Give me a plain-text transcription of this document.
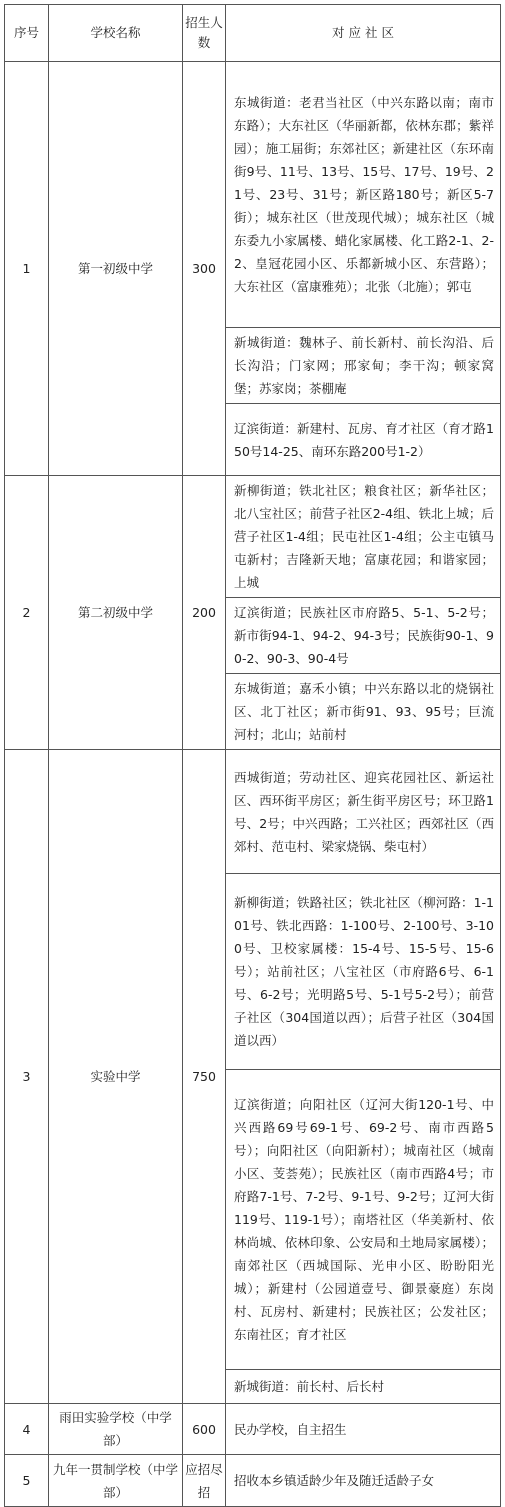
序号	学校名称	招生人数	对 应 社 区
1	第一初级中学	300	东城街道：老君当社区（中兴东路以南；南市东路）；大东社区（华丽新都，依林东郡；紫祥园）；施工届街；东郊社区；新建社区（东环南街9号、11号、13号、15号、17号、19号、21号、23号、31号；新区路180号；新区5-7街）；城东社区（世茂现代城）；城东社区（城东委九小家属楼、蜡化家属楼、化工路2-1、2-2、皇冠花园小区、乐都新城小区、东营路）；大东社区（富康雅苑）；北张（北施）；郭屯
			新城街道：魏林子、前长新村、前长沟沿、后长沟沿；门家网；邢家甸；李干沟；顿家窝堡；苏家岗；茶棚庵
			辽滨街道：新建村、瓦房、育才社区（育才路150号14-25、南环东路200号1-2）
2	第二初级中学	200	新柳街道；铁北社区；粮食社区；新华社区；北八宝社区；前营子社区2-4组、铁北上城；后营子社区1-4组；民屯社区1-4组；公主屯镇马屯新村；吉隆新天地；富康花园；和谐家园；上城
			辽滨街道；民族社区市府路5、5-1、5-2号；新市街94-1、94-2、94-3号；民族街90-1、90-2、90-3、90-4号
			东城街道；嘉禾小镇；中兴东路以北的烧锅社区、北丁社区；新市街91、93、95号；巨流河村；北山；站前村
3	实验中学	750	西城街道；劳动社区、迎宾花园社区、新运社区、西环街平房区；新生街平房区号；环卫路1号、2号；中兴西路；工兴社区；西郊社区（西郊村、范屯村、梁家烧锅、柴屯村）
			新柳街道；铁路社区；铁北社区（柳河路：1-101号、铁北西路：1-100号、2-100号、3-100号、卫校家属楼：15-4号、15-5号、15-6号）；站前社区；八宝社区（市府路6号、6-1号、6-2号；光明路5号、5-1号5-2号）；前营子社区（304国道以西）；后营子社区（304国道以西）
			辽滨街道；向阳社区（辽河大街120-1号、中兴西路69号69-1号、69-2号、南市西路5号）；向阳社区（向阳新村）；城南社区（城南小区、芰荟苑）；民族社区（南市西路4号；市府路7-1号、7-2号、9-1号、9-2号；辽河大街119号、119-1号）；南塔社区（华美新村、依林尚城、依林印象、公安局和土地局家属楼）；南郊社区（西城国际、光申小区、盼盼阳光城）；新建村（公园道壹号、御景豪庭）东岗村、瓦房村、新建村；民族社区；公发社区；东南社区；育才社区
			新城街道：前长村、后长村
4	雨田实验学校（中学部）	600	民办学校，自主招生
5	九年一贯制学校（中学部）	应招尽招	招收本乡镇适龄少年及随迁适龄子女
